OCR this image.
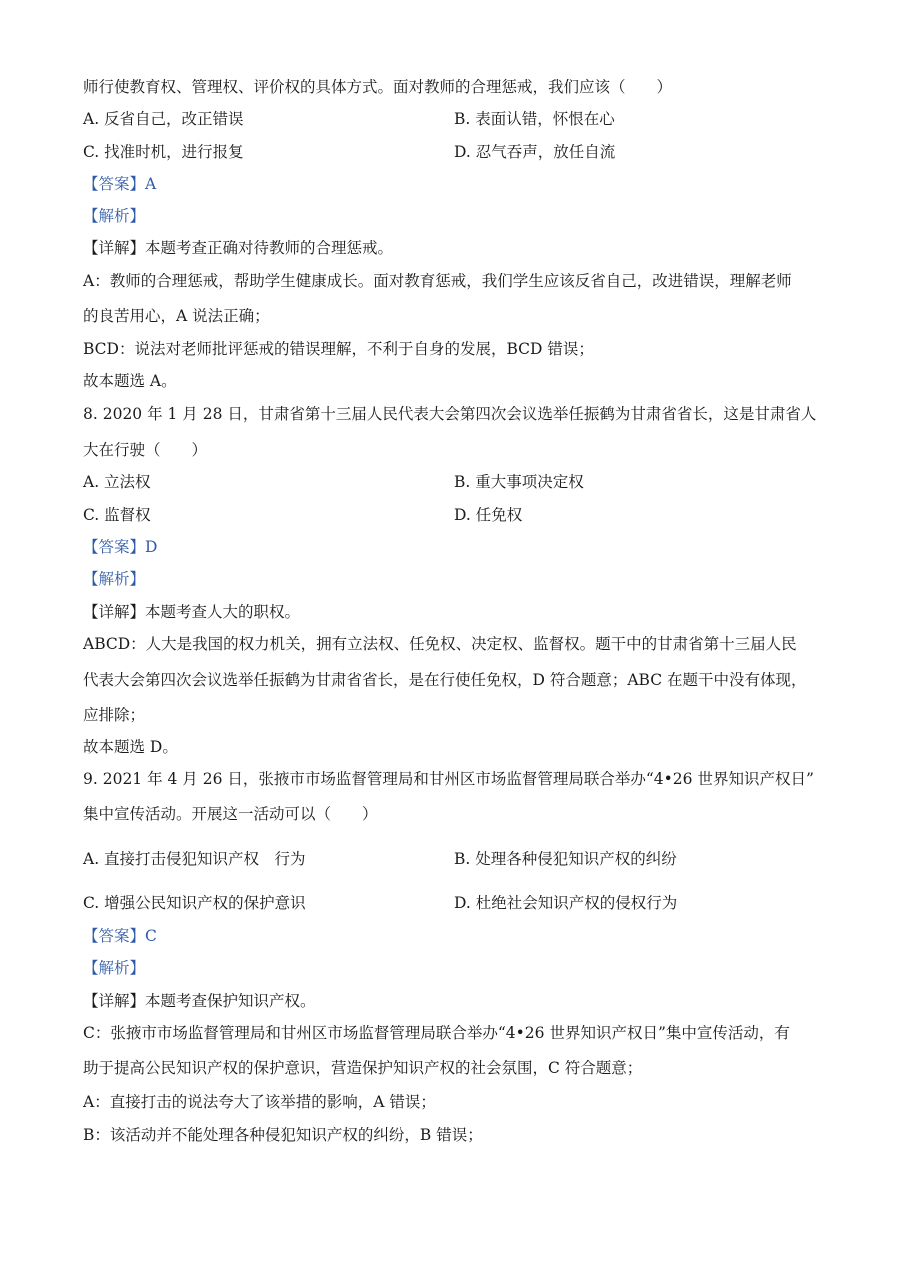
师行使教育权、管理权、评价权的具体方式。面对教师的合理惩戒，我们应该（　　）
A. 反省自己，改正错误	B. 表面认错，怀恨在心
C. 找准时机，进行报复	D. 忍气吞声，放任自流
【答案】A
【解析】
【详解】本题考查正确对待教师的合理惩戒。
A：教师的合理惩戒，帮助学生健康成长。面对教育惩戒，我们学生应该反省自己，改进错误，理解老师
的良苦用心，A 说法正确；
BCD：说法对老师批评惩戒的错误理解，不利于自身的发展，BCD 错误；
故本题选 A。
8. 2020 年 1 月 28 日，甘肃省第十三届人民代表大会第四次会议选举任振鹤为甘肃省省长，这是甘肃省人
大在行驶（　　）
A. 立法权	B. 重大事项决定权
C. 监督权	D. 任免权
【答案】D
【解析】
【详解】本题考查人大的职权。
ABCD：人大是我国的权力机关，拥有立法权、任免权、决定权、监督权。题干中的甘肃省第十三届人民
代表大会第四次会议选举任振鹤为甘肃省省长，是在行使任免权，D 符合题意；ABC 在题干中没有体现，
应排除；
故本题选 D。
9. 2021 年 4 月 26 日，张掖市市场监督管理局和甘州区市场监督管理局联合举办“4•26 世界知识产权日”
集中宣传活动。开展这一活动可以（　　）
A. 直接打击侵犯知识产权　行为	B. 处理各种侵犯知识产权的纠纷
C. 增强公民知识产权的保护意识	D. 杜绝社会知识产权的侵权行为
【答案】C
【解析】
【详解】本题考查保护知识产权。
C：张掖市市场监督管理局和甘州区市场监督管理局联合举办“4•26 世界知识产权日”集中宣传活动，有
助于提高公民知识产权的保护意识，营造保护知识产权的社会氛围，C 符合题意；
A：直接打击的说法夸大了该举措的影响，A 错误；
B：该活动并不能处理各种侵犯知识产权的纠纷，B 错误；
